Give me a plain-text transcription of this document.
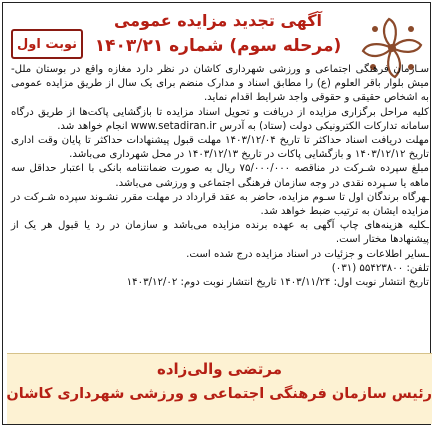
نوبت اول
آگهی تجدید مزایده عمومی
(مرحله سوم) شماره ۱۴۰۳/۲۱

سـازمان فرهنگی اجتماعی و ورزشی شهرداری کاشان در نظر دارد مغازه واقع در بوستان ملل- میش بلوار باقر العلوم (ع) را مطابق اسناد و مدارک منضم برای یک سال از طریق مزایده عمومی به اشخاص حقیقی و حقوقی واجد شرایط اقدام نماید.

کلیه مراحل برگزاری مزایده از دریافت و تحویل اسناد مزایده تا بازگشایی پاکت‌ها از طریق درگاه سامانه تدارکات الکترونیکی دولت (ستاد) به آدرس www.setadiran.ir انجام خواهد شد.

مهلت دریافت اسناد حداکثر تا تاریخ ۱۴۰۳/۱۲/۰۴ مهلت قبول پیشنهادات حداکثر تا پایان وقت اداری تاریخ ۱۴۰۳/۱۲/۱۲ و بازگشایی پاکات در تاریخ ۱۴۰۳/۱۲/۱۳ در محل شهرداری می‌باشد.

مبلغ سپرده شـرکت در مناقصه ۷۵/۰۰۰/۰۰۰ ریال به صورت ضمانتنامه بانکی با اعتبار حداقل سه ماهه یا سـپرده نقدی در وجه سازمان فرهنگی اجتماعی و ورزشی می‌باشد.

ـهرگاه برندگان اول تا سـوم مزایده، حاضر به عقد قرارداد در مهلت مقرر نشـوند سپرده شـرکت در مزایده ایشان به ترتیب ضبط خواهد شد.

ـکلیه هزینه‌های چاپ آگهی به عهده برنده مزایده می‌باشد و سازمان در رد یا قبول هر یک از پیشنهادها مختار است.

ـسایر اطلاعات و جزئیات در اسناد مزایده درج شده است.

تلفن: ۵۵۴۲۳۸۰۰ (۰۳۱)

تاریخ انتشار نوبت اول: ۱۴۰۳/۱۱/۲۴ تاریخ انتشار نوبت دوم: ۱۴۰۳/۱۲/۰۲

مرتضی والی‌زاده
رئیس سازمان فرهنگی اجتماعی و ورزشی شهرداری کاشان
